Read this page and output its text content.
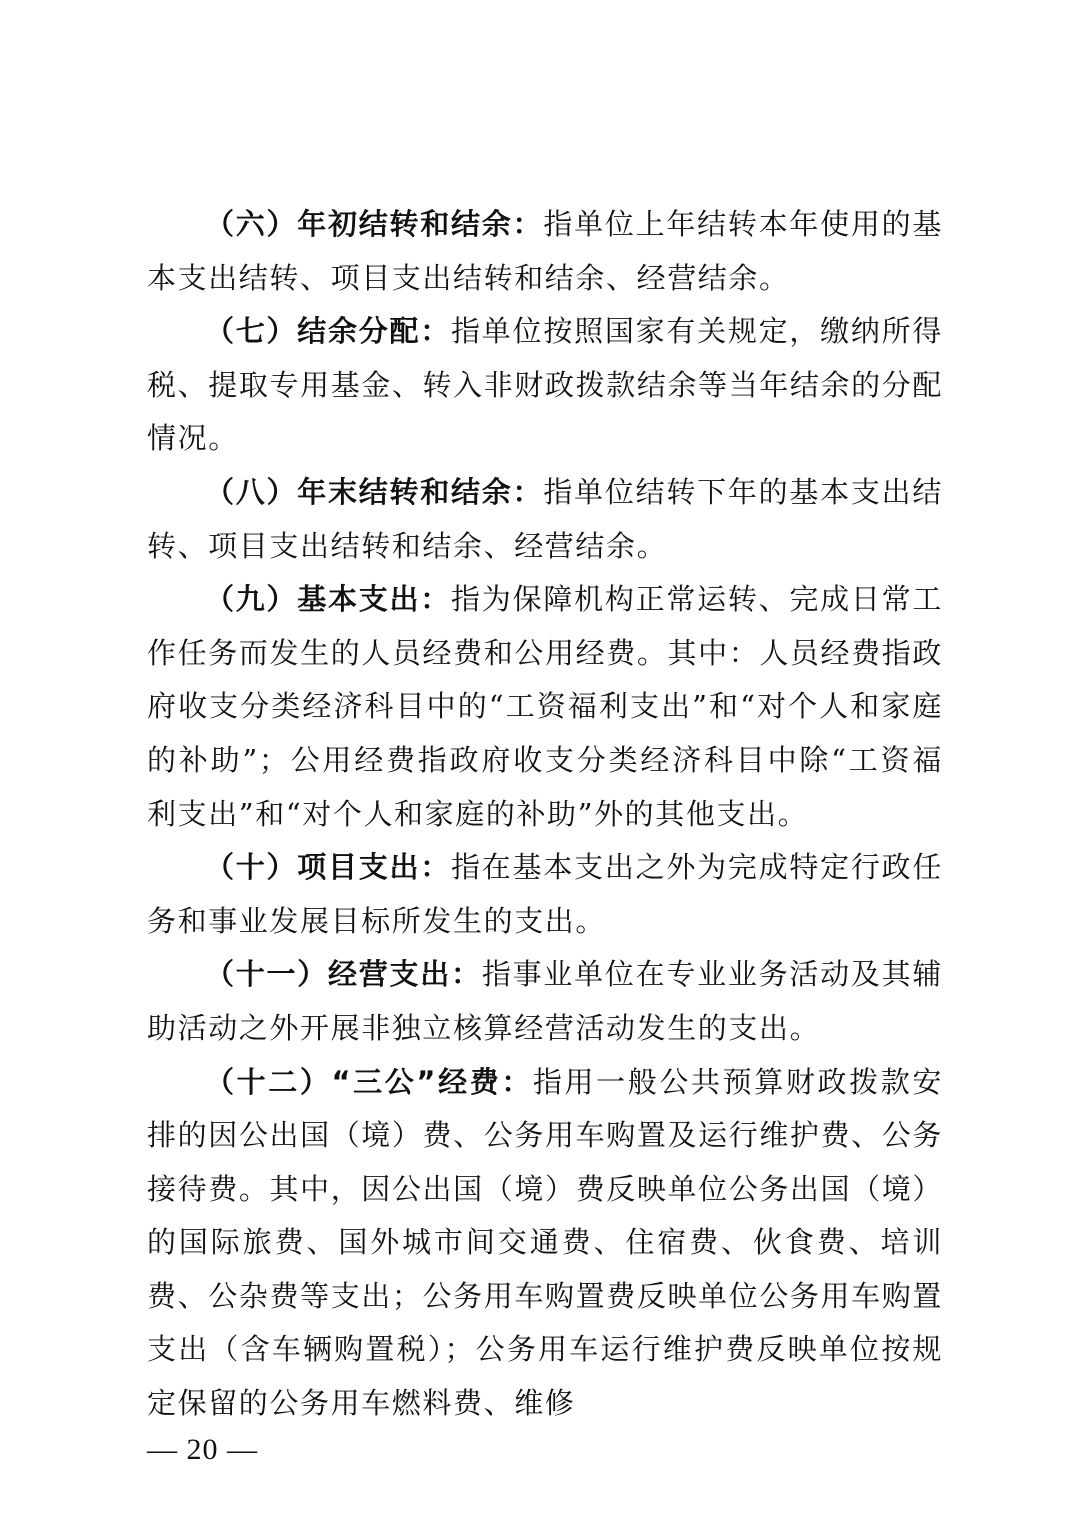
（六）年初结转和结余：指单位上年结转本年使用的基本支出结转、项目支出结转和结余、经营结余。

（七）结余分配：指单位按照国家有关规定，缴纳所得税、提取专用基金、转入非财政拨款结余等当年结余的分配情况。

（八）年末结转和结余：指单位结转下年的基本支出结转、项目支出结转和结余、经营结余。

（九）基本支出：指为保障机构正常运转、完成日常工作任务而发生的人员经费和公用经费。其中：人员经费指政府收支分类经济科目中的“工资福利支出”和“对个人和家庭的补助”；公用经费指政府收支分类经济科目中除“工资福利支出”和“对个人和家庭的补助”外的其他支出。

（十）项目支出：指在基本支出之外为完成特定行政任务和事业发展目标所发生的支出。

（十一）经营支出：指事业单位在专业业务活动及其辅助活动之外开展非独立核算经营活动发生的支出。

（十二）“三公”经费：指用一般公共预算财政拨款安排的因公出国（境）费、公务用车购置及运行维护费、公务接待费。其中，因公出国（境）费反映单位公务出国（境）的国际旅费、国外城市间交通费、住宿费、伙食费、培训费、公杂费等支出；公务用车购置费反映单位公务用车购置支出（含车辆购置税）；公务用车运行维护费反映单位按规定保留的公务用车燃料费、维修

— 20 —
